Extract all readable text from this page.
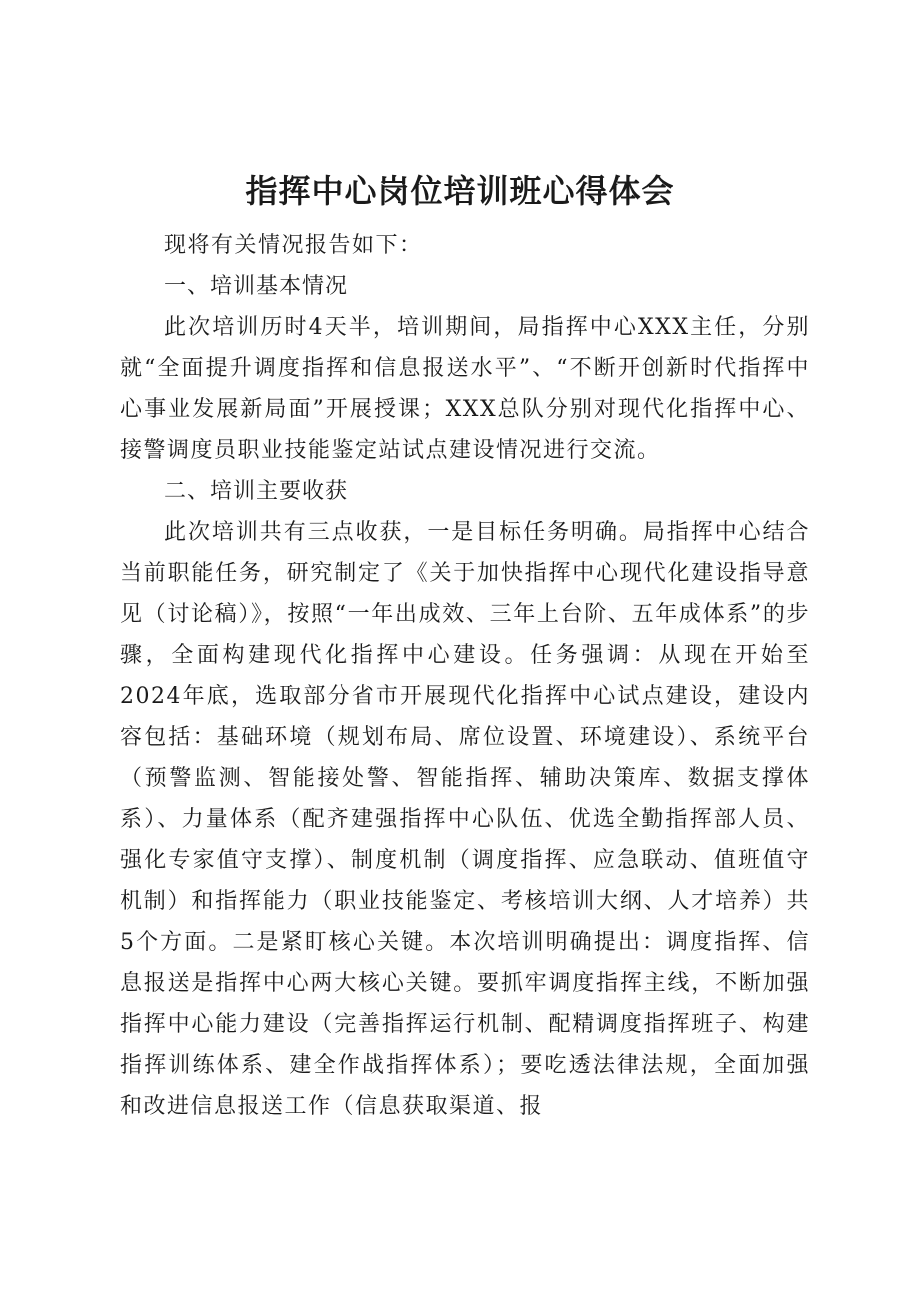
指挥中心岗位培训班心得体会

现将有关情况报告如下：

一、培训基本情况

此次培训历时4天半，培训期间，局指挥中心XXX主任，分别就“全面提升调度指挥和信息报送水平”、“不断开创新时代指挥中心事业发展新局面”开展授课；XXX总队分别对现代化指挥中心、接警调度员职业技能鉴定站试点建设情况进行交流。

二、培训主要收获

此次培训共有三点收获，一是目标任务明确。局指挥中心结合当前职能任务，研究制定了《关于加快指挥中心现代化建设指导意见（讨论稿）》，按照“一年出成效、三年上台阶、五年成体系”的步骤，全面构建现代化指挥中心建设。任务强调：从现在开始至2024年底，选取部分省市开展现代化指挥中心试点建设，建设内容包括：基础环境（规划布局、席位设置、环境建设）、系统平台（预警监测、智能接处警、智能指挥、辅助决策库、数据支撑体系）、力量体系（配齐建强指挥中心队伍、优选全勤指挥部人员、强化专家值守支撑）、制度机制（调度指挥、应急联动、值班值守机制）和指挥能力（职业技能鉴定、考核培训大纲、人才培养）共5个方面。二是紧盯核心关键。本次培训明确提出：调度指挥、信息报送是指挥中心两大核心关键。要抓牢调度指挥主线，不断加强指挥中心能力建设（完善指挥运行机制、配精调度指挥班子、构建指挥训练体系、建全作战指挥体系）；要吃透法律法规，全面加强和改进信息报送工作（信息获取渠道、报
